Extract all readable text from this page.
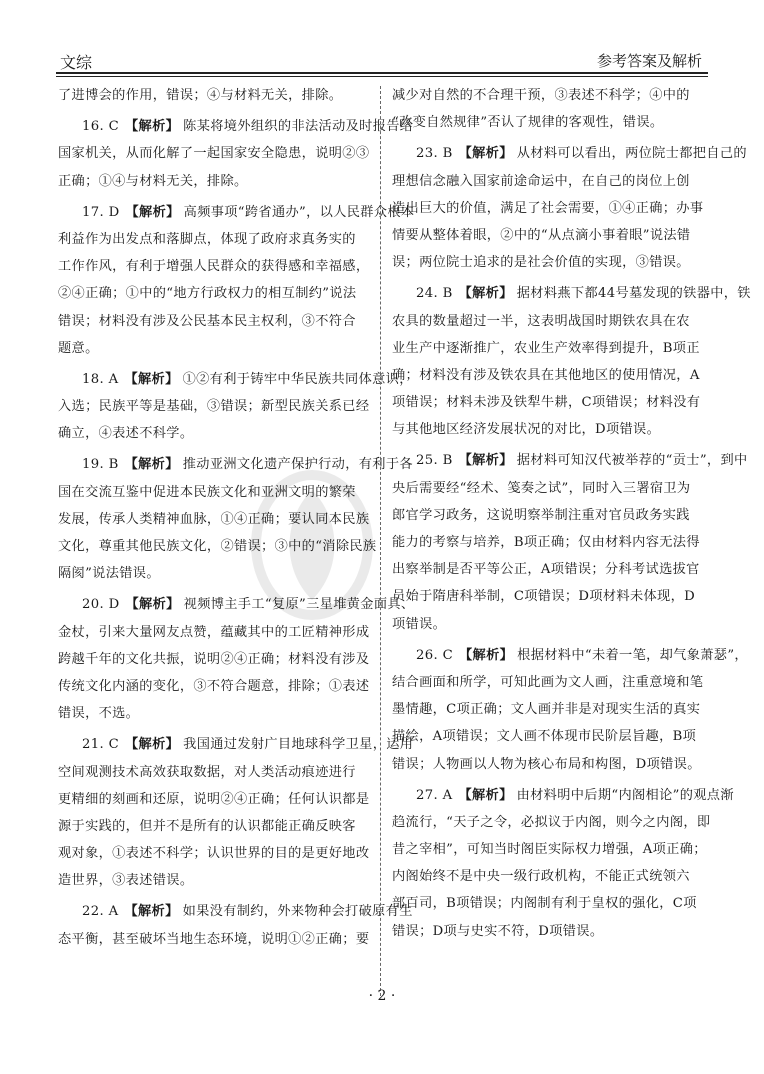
文综	参考答案及解析
了进博会的作用，错误；④与材料无关，排除。
16. C 【解析】 陈某将境外组织的非法活动及时报告给
国家机关，从而化解了一起国家安全隐患，说明②③
正确；①④与材料无关，排除。
17. D 【解析】 高频事项“跨省通办”，以人民群众根本
利益作为出发点和落脚点，体现了政府求真务实的
工作作风，有利于增强人民群众的获得感和幸福感，
②④正确；①中的“地方行政权力的相互制约”说法
错误；材料没有涉及公民基本民主权利，③不符合
题意。
18. A 【解析】 ①②有利于铸牢中华民族共同体意识，
入选；民族平等是基础，③错误；新型民族关系已经
确立，④表述不科学。
19. B 【解析】 推动亚洲文化遗产保护行动，有利于各
国在交流互鉴中促进本民族文化和亚洲文明的繁荣
发展，传承人类精神血脉，①④正确；要认同本民族
文化，尊重其他民族文化，②错误；③中的“消除民族
隔阂”说法错误。
20. D 【解析】 视频博主手工“复原”三星堆黄金面具、
金杖，引来大量网友点赞，蕴藏其中的工匠精神形成
跨越千年的文化共振，说明②④正确；材料没有涉及
传统文化内涵的变化，③不符合题意，排除；①表述
错误，不选。
21. C 【解析】 我国通过发射广目地球科学卫星，运用
空间观测技术高效获取数据，对人类活动痕迹进行
更精细的刻画和还原，说明②④正确；任何认识都是
源于实践的，但并不是所有的认识都能正确反映客
观对象，①表述不科学；认识世界的目的是更好地改
造世界，③表述错误。
22. A 【解析】 如果没有制约，外来物种会打破原有生
态平衡，甚至破坏当地生态环境，说明①②正确；要
减少对自然的不合理干预，③表述不科学；④中的
“改变自然规律”否认了规律的客观性，错误。
23. B 【解析】 从材料可以看出，两位院士都把自己的
理想信念融入国家前途命运中，在自己的岗位上创
造出巨大的价值，满足了社会需要，①④正确；办事
情要从整体着眼，②中的“从点滴小事着眼”说法错
误；两位院士追求的是社会价值的实现，③错误。
24. B 【解析】 据材料燕下都44号墓发现的铁器中，铁
农具的数量超过一半，这表明战国时期铁农具在农
业生产中逐渐推广，农业生产效率得到提升，B项正
确；材料没有涉及铁农具在其他地区的使用情况，A
项错误；材料未涉及铁犁牛耕，C项错误；材料没有
与其他地区经济发展状况的对比，D项错误。
25. B 【解析】 据材料可知汉代被举荐的“贡士”，到中
央后需要经“经术、笺奏之试”，同时入三署宿卫为
郎官学习政务，这说明察举制注重对官员政务实践
能力的考察与培养，B项正确；仅由材料内容无法得
出察举制是否平等公正，A项错误；分科考试选拔官
员始于隋唐科举制，C项错误；D项材料未体现，D
项错误。
26. C 【解析】 根据材料中“未着一笔，却气象萧瑟”，
结合画面和所学，可知此画为文人画，注重意境和笔
墨情趣，C项正确；文人画并非是对现实生活的真实
描绘，A项错误；文人画不体现市民阶层旨趣，B项
错误；人物画以人物为核心布局和构图，D项错误。
27. A 【解析】 由材料明中后期“内阁相论”的观点渐
趋流行，“天子之令，必拟议于内阁，则今之内阁，即
昔之宰相”，可知当时阁臣实际权力增强，A项正确；
内阁始终不是中央一级行政机构，不能正式统领六
部百司，B项错误；内阁制有利于皇权的强化，C项
错误；D项与史实不符，D项错误。
· 2 ·
